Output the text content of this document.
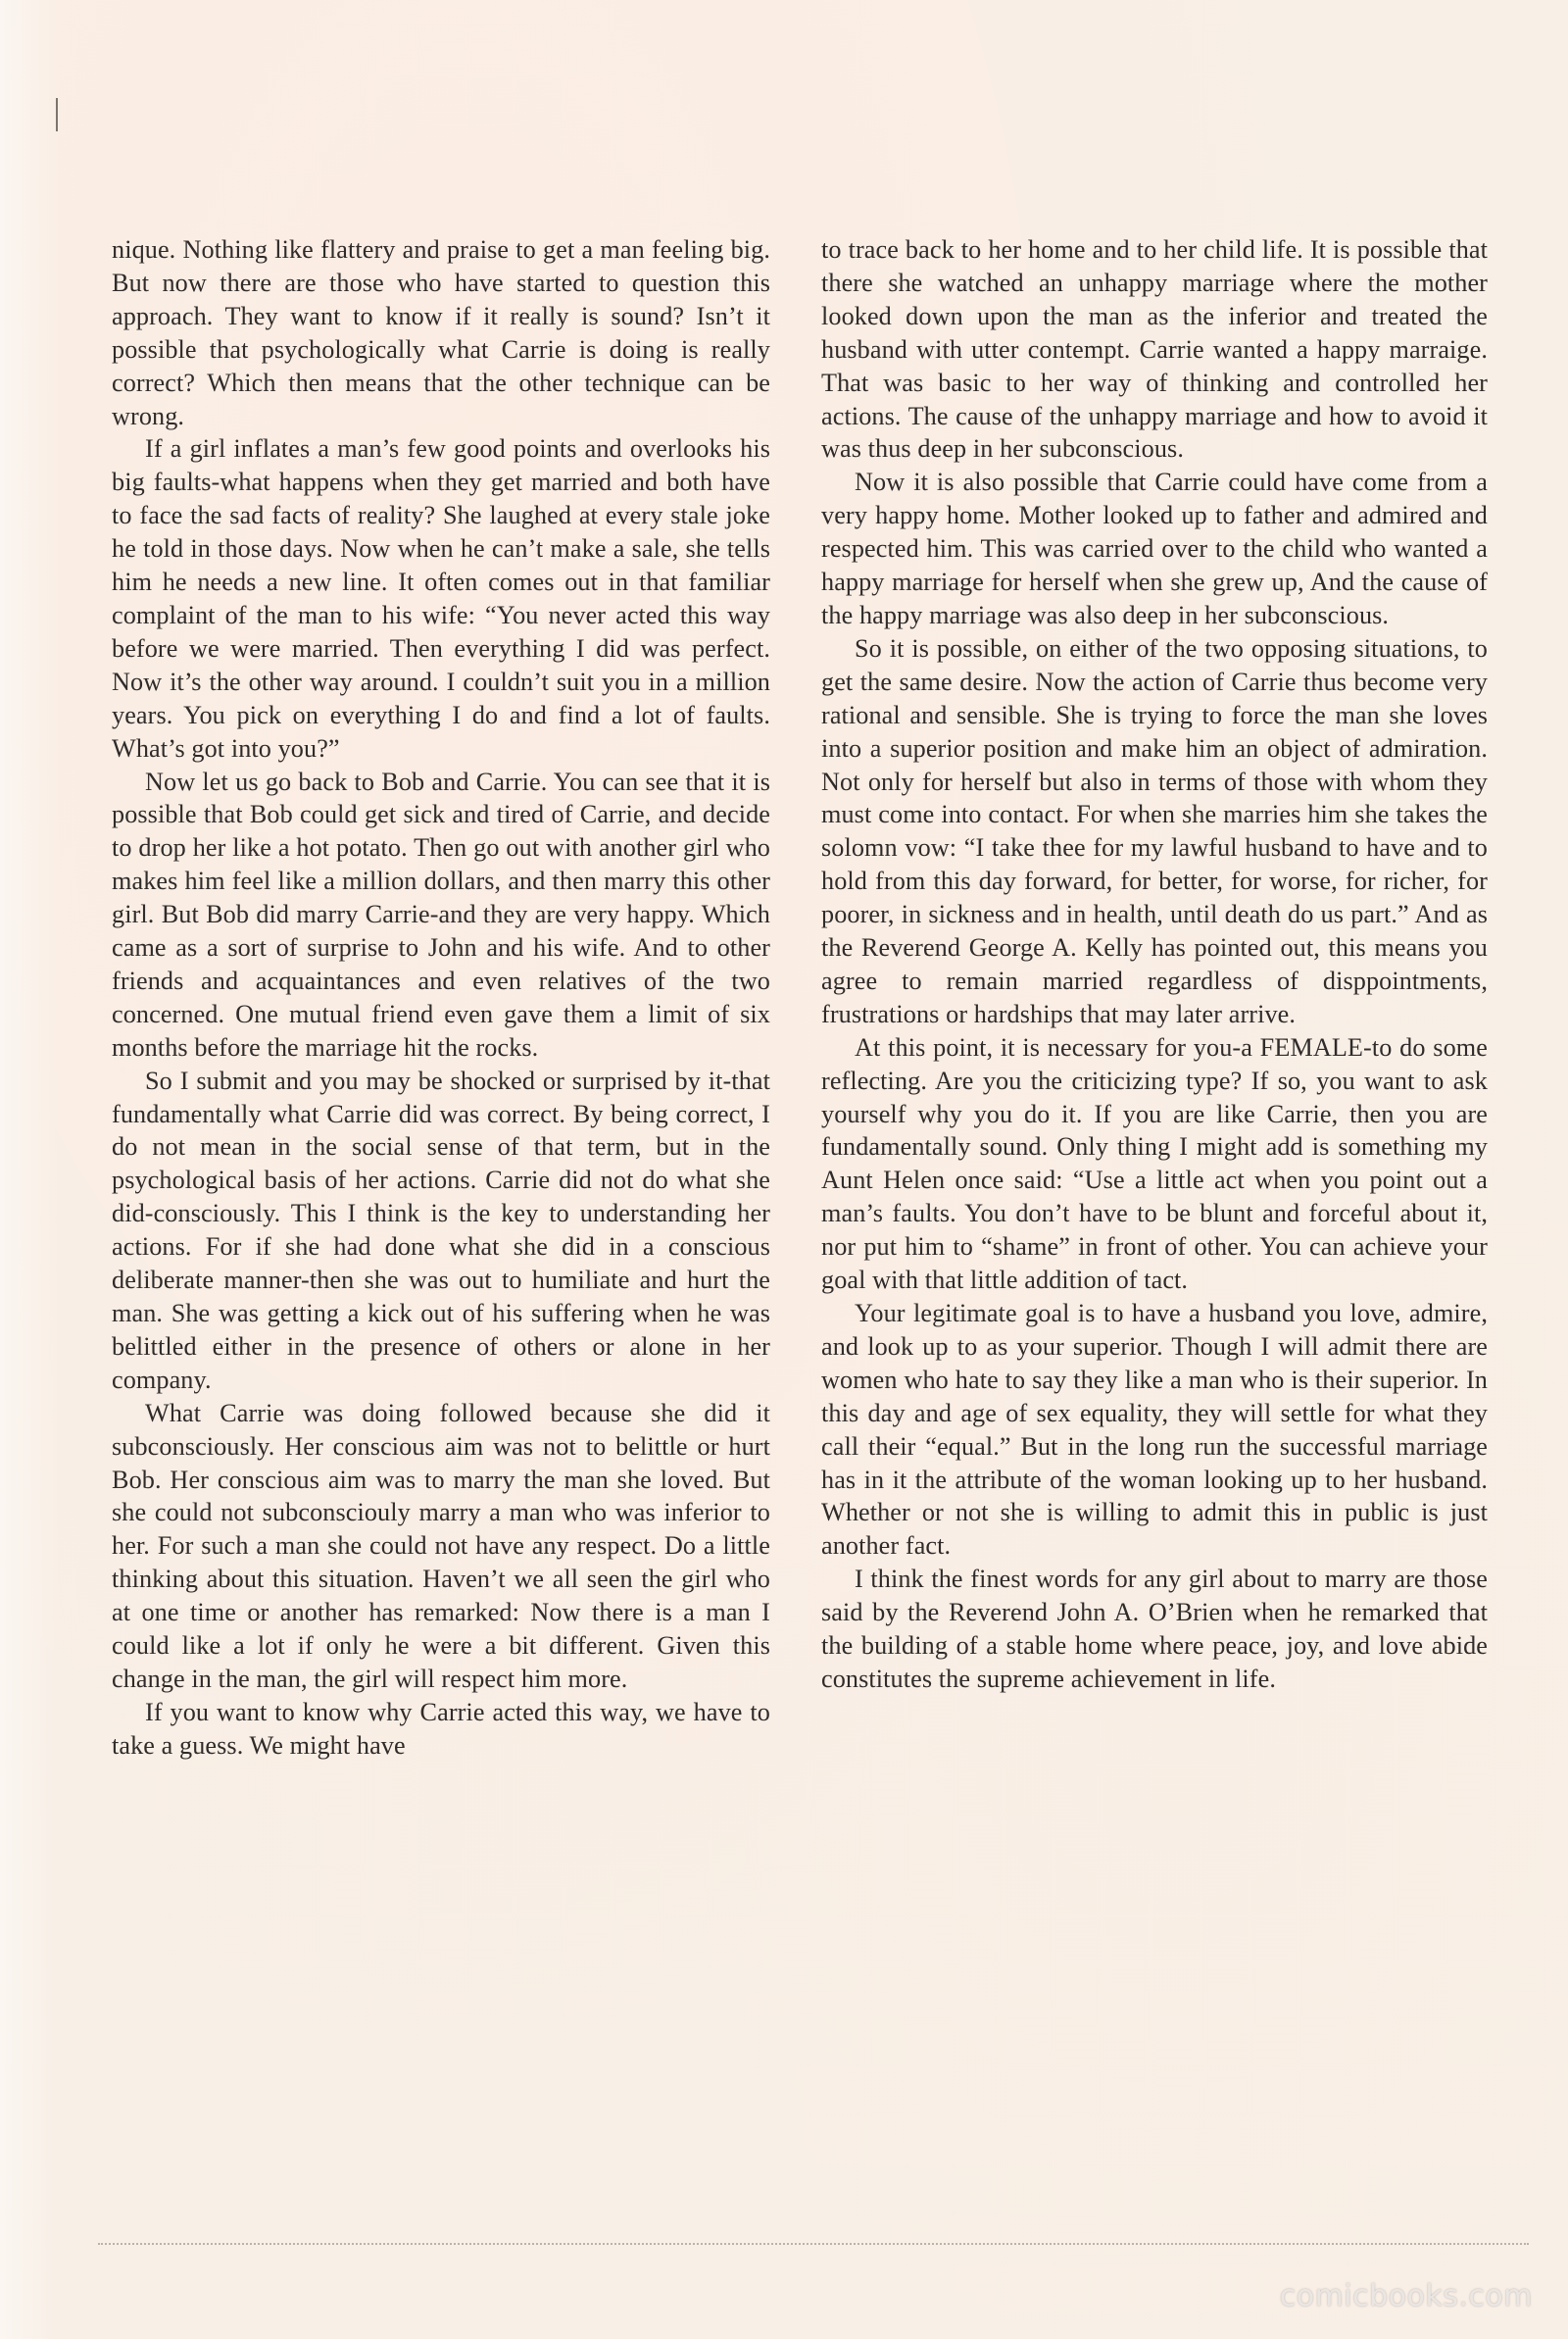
nique. Nothing like flattery and praise to get a man feeling big. But now there are those who have started to question this approach. They want to know if it really is sound? Isn’t it possible that psychologically what Carrie is doing is really correct? Which then means that the other technique can be wrong.

If a girl inflates a man’s few good points and overlooks his big faults-what happens when they get married and both have to face the sad facts of reality? She laughed at every stale joke he told in those days. Now when he can’t make a sale, she tells him he needs a new line. It often comes out in that familiar complaint of the man to his wife: “You never acted this way before we were married. Then everything I did was perfect. Now it’s the other way around. I couldn’t suit you in a million years. You pick on everything I do and find a lot of faults. What’s got into you?”

Now let us go back to Bob and Carrie. You can see that it is possible that Bob could get sick and tired of Carrie, and decide to drop her like a hot potato. Then go out with another girl who makes him feel like a million dollars, and then marry this other girl. But Bob did marry Carrie-and they are very happy. Which came as a sort of surprise to John and his wife. And to other friends and acquaintances and even relatives of the two concerned. One mutual friend even gave them a limit of six months before the marriage hit the rocks.

So I submit and you may be shocked or surprised by it-that fundamentally what Carrie did was correct. By being correct, I do not mean in the social sense of that term, but in the psychological basis of her actions. Carrie did not do what she did-consciously. This I think is the key to understanding her actions. For if she had done what she did in a conscious deliberate manner-then she was out to humiliate and hurt the man. She was getting a kick out of his suffering when he was belittled either in the presence of others or alone in her company.

What Carrie was doing followed because she did it subconsciously. Her conscious aim was not to belittle or hurt Bob. Her conscious aim was to marry the man she loved. But she could not subconsciouly marry a man who was inferior to her. For such a man she could not have any respect. Do a little thinking about this situation. Haven’t we all seen the girl who at one time or another has remarked: Now there is a man I could like a lot if only he were a bit different. Given this change in the man, the girl will respect him more.

If you want to know why Carrie acted this way, we have to take a guess. We might have

to trace back to her home and to her child life. It is possible that there she watched an unhappy marriage where the mother looked down upon the man as the inferior and treated the husband with utter contempt. Carrie wanted a happy marraige. That was basic to her way of thinking and controlled her actions. The cause of the unhappy marriage and how to avoid it was thus deep in her subconscious.

Now it is also possible that Carrie could have come from a very happy home. Mother looked up to father and admired and respected him. This was carried over to the child who wanted a happy marriage for herself when she grew up, And the cause of the happy marriage was also deep in her subconscious.

So it is possible, on either of the two opposing situations, to get the same desire. Now the action of Carrie thus become very rational and sensible. She is trying to force the man she loves into a superior position and make him an object of admiration. Not only for herself but also in terms of those with whom they must come into contact. For when she marries him she takes the solomn vow: “I take thee for my lawful husband to have and to hold from this day forward, for better, for worse, for richer, for poorer, in sickness and in health, until death do us part.” And as the Reverend George A. Kelly has pointed out, this means you agree to remain married regardless of disppointments, frustrations or hardships that may later arrive.

At this point, it is necessary for you-a FEMALE-to do some reflecting. Are you the criticizing type? If so, you want to ask yourself why you do it. If you are like Carrie, then you are fundamentally sound. Only thing I might add is something my Aunt Helen once said: “Use a little act when you point out a man’s faults. You don’t have to be blunt and forceful about it, nor put him to “shame” in front of other. You can achieve your goal with that little addition of tact.

Your legitimate goal is to have a husband you love, admire, and look up to as your superior. Though I will admit there are women who hate to say they like a man who is their superior. In this day and age of sex equality, they will settle for what they call their “equal.” But in the long run the successful marriage has in it the attribute of the woman looking up to her husband. Whether or not she is willing to admit this in public is just another fact.

I think the finest words for any girl about to marry are those said by the Reverend John A. O’Brien when he remarked that the building of a stable home where peace, joy, and love abide constitutes the supreme achievement in life.

comicbooks.com
